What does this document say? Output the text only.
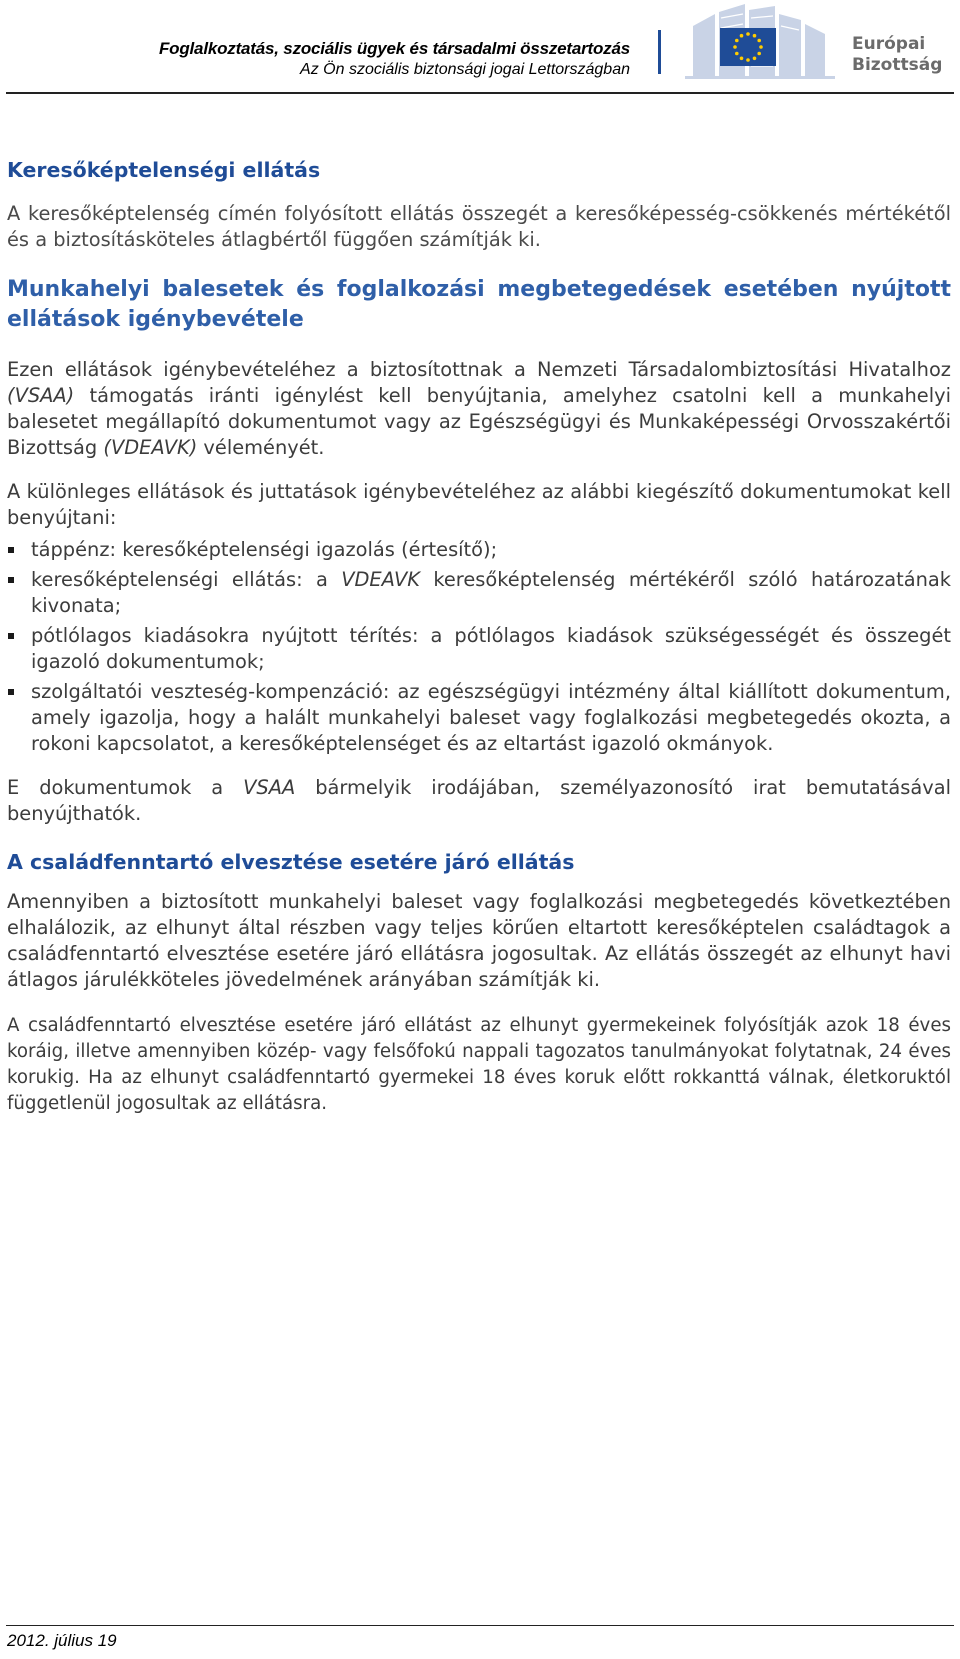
Foglalkoztatás, szociális ügyek és társadalmi összetartozás
Az Ön szociális biztonsági jogai Lettországban
Európai
Bizottság
Keresőképtelenségi ellátás

A keresőképtelenség címén folyósított ellátás összegét a keresőképesség-csökkenés mértékétől és a biztosításköteles átlagbértől függően számítják ki.

Munkahelyi balesetek és foglalkozási megbetegedések esetében nyújtott ellátások igénybevétele

Ezen ellátások igénybevételéhez a biztosítottnak a Nemzeti Társadalombiztosítási Hivatalhoz (VSAA) támogatás iránti igénylést kell benyújtania, amelyhez csatolni kell a munkahelyi balesetet megállapító dokumentumot vagy az Egészségügyi és Munkaképességi Orvosszakértői Bizottság (VDEAVK) véleményét.

A különleges ellátások és juttatások igénybevételéhez az alábbi kiegészítő dokumentumokat kell benyújtani:

táppénz: keresőképtelenségi igazolás (értesítő);
keresőképtelenségi ellátás: a VDEAVK keresőképtelenség mértékéről szóló határozatának kivonata;
pótlólagos kiadásokra nyújtott térítés: a pótlólagos kiadások szükségességét és összegét igazoló dokumentumok;
szolgáltatói veszteség-kompenzáció: az egészségügyi intézmény által kiállított dokumentum, amely igazolja, hogy a halált munkahelyi baleset vagy foglalkozási megbetegedés okozta, a rokoni kapcsolatot, a keresőképtelenséget és az eltartást igazoló okmányok.

E dokumentumok a VSAA bármelyik irodájában, személyazonosító irat bemutatásával benyújthatók.

A családfenntartó elvesztése esetére járó ellátás

Amennyiben a biztosított munkahelyi baleset vagy foglalkozási megbetegedés következtében elhalálozik, az elhunyt által részben vagy teljes körűen eltartott keresőképtelen családtagok a családfenntartó elvesztése esetére járó ellátásra jogosultak. Az ellátás összegét az elhunyt havi átlagos járulékköteles jövedelmének arányában számítják ki.

A családfenntartó elvesztése esetére járó ellátást az elhunyt gyermekeinek folyósítják azok 18 éves koráig, illetve amennyiben közép- vagy felsőfokú nappali tagozatos tanulmányokat folytatnak, 24 éves korukig. Ha az elhunyt családfenntartó gyermekei 18 éves koruk előtt rokkanttá válnak, életkoruktól függetlenül jogosultak az ellátásra.

2012. július 19
